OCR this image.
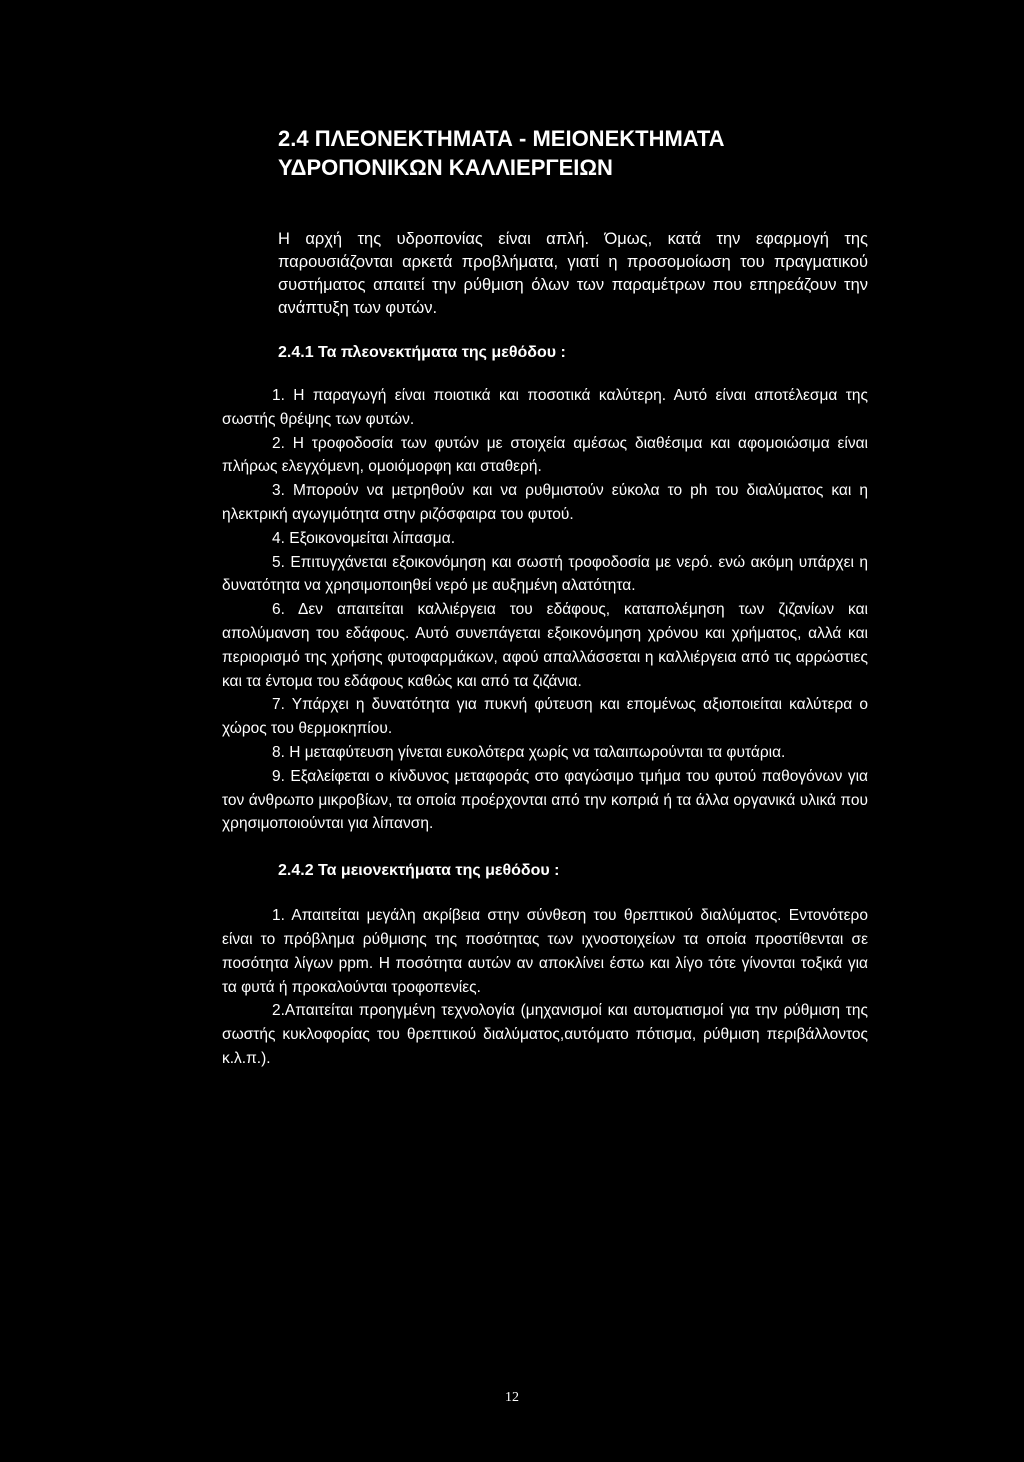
2.4 ΠΛΕΟΝΕΚΤΗΜΑΤΑ - ΜΕΙΟΝΕΚΤΗΜΑΤΑ
ΥΔΡΟΠΟΝΙΚΩΝ ΚΑΛΛΙΕΡΓΕΙΩΝ

Η αρχή της υδροπονίας είναι απλή. Όμως, κατά την εφαρμογή της παρουσιάζονται αρκετά προβλήματα, γιατί η προσομοίωση του πραγματικού συστήματος απαιτεί την ρύθμιση όλων των παραμέτρων που επηρεάζουν την ανάπτυξη των φυτών.

2.4.1 Τα πλεονεκτήματα της μεθόδου :

1. Η παραγωγή είναι ποιοτικά και ποσοτικά καλύτερη. Αυτό είναι αποτέλεσμα της σωστής θρέψης των φυτών.

2. Η τροφοδοσία των φυτών με στοιχεία αμέσως διαθέσιμα και αφομοιώσιμα είναι πλήρως ελεγχόμενη, ομοιόμορφη και σταθερή.

3. Μπορούν να μετρηθούν και να ρυθμιστούν εύκολα το ph του διαλύματος και η ηλεκτρική αγωγιμότητα στην ριζόσφαιρα του φυτού.

4. Εξοικονομείται λίπασμα.

5. Επιτυγχάνεται εξοικονόμηση και σωστή τροφοδοσία με νερό. ενώ ακόμη υπάρχει η δυνατότητα να χρησιμοποιηθεί νερό με αυξημένη αλατότητα.

6. Δεν απαιτείται καλλιέργεια του εδάφους, καταπολέμηση των ζιζανίων και απολύμανση του εδάφους. Αυτό συνεπάγεται εξοικονόμηση χρόνου και χρήματος, αλλά και περιορισμό της χρήσης φυτοφαρμάκων, αφού απαλλάσσεται η καλλιέργεια από τις αρρώστιες και τα έντομα του εδάφους καθώς και από τα ζιζάνια.

7. Υπάρχει η δυνατότητα για πυκνή φύτευση και επομένως αξιοποιείται καλύτερα ο χώρος του θερμοκηπίου.

8. Η μεταφύτευση γίνεται ευκολότερα χωρίς να ταλαιπωρούνται τα φυτάρια.

9. Εξαλείφεται ο κίνδυνος μεταφοράς στο φαγώσιμο τμήμα του φυτού παθογόνων για τον άνθρωπο μικροβίων, τα οποία προέρχονται από την κοπριά ή τα άλλα οργανικά υλικά που χρησιμοποιούνται για λίπανση.

2.4.2 Τα μειονεκτήματα της μεθόδου :

1. Απαιτείται μεγάλη ακρίβεια στην σύνθεση του θρεπτικού διαλύματος. Εντονότερο είναι το πρόβλημα ρύθμισης της ποσότητας των ιχνοστοιχείων τα οποία προστίθενται σε ποσότητα λίγων ppm. Η ποσότητα αυτών αν αποκλίνει έστω και λίγο τότε γίνονται τοξικά για τα φυτά ή προκαλούνται τροφοπενίες.

2.Απαιτείται προηγμένη τεχνολογία (μηχανισμοί και αυτοματισμοί για την ρύθμιση της σωστής κυκλοφορίας του θρεπτικού διαλύματος,αυτόματο πότισμα, ρύθμιση περιβάλλοντος κ.λ.π.).

12
